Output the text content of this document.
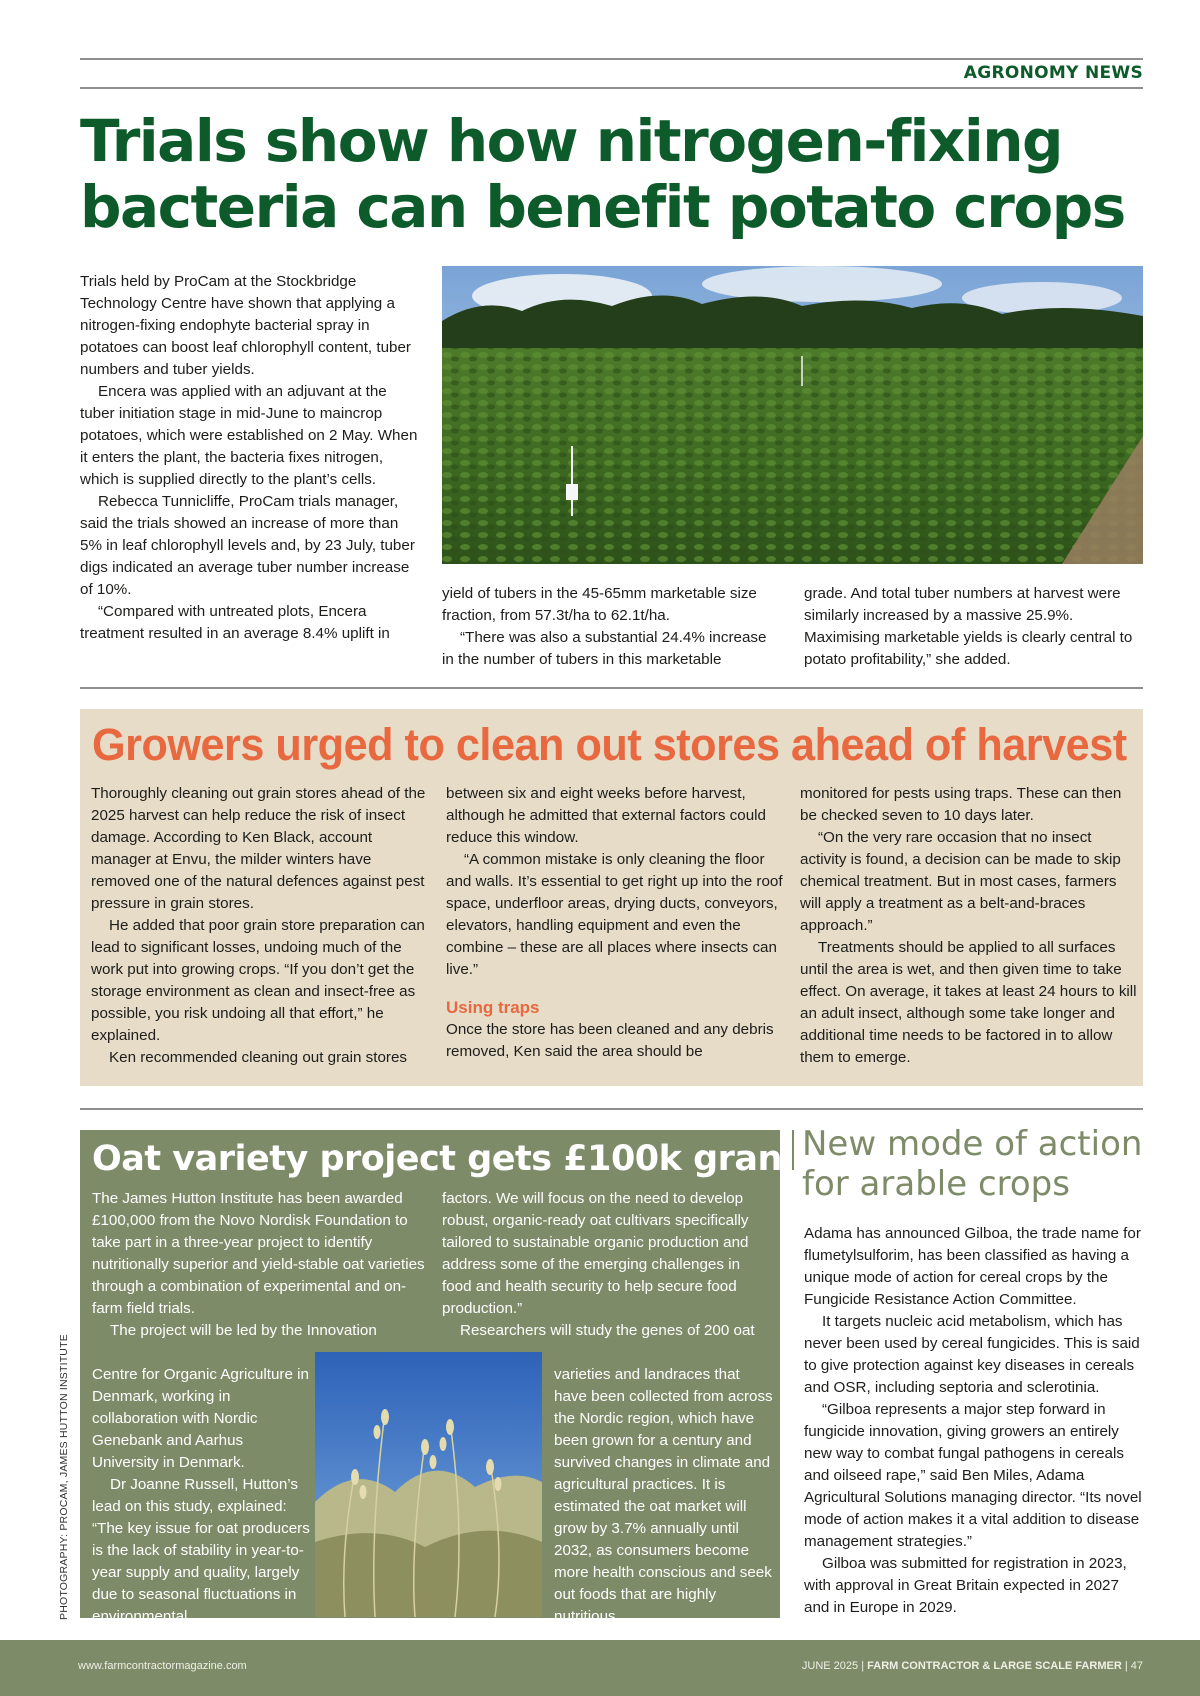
AGRONOMY NEWS
Trials show how nitrogen-fixing bacteria can benefit potato crops

Trials held by ProCam at the Stockbridge Technology Centre have shown that applying a nitrogen-fixing endophyte bacterial spray in potatoes can boost leaf chlorophyll content, tuber numbers and tuber yields.

Encera was applied with an adjuvant at the tuber initiation stage in mid-June to maincrop potatoes, which were established on 2 May. When it enters the plant, the bacteria fixes nitrogen, which is supplied directly to the plant’s cells.

Rebecca Tunnicliffe, ProCam trials manager, said the trials showed an increase of more than 5% in leaf chlorophyll levels and, by 23 July, tuber digs indicated an average tuber number increase of 10%.

“Compared with untreated plots, Encera treatment resulted in an average 8.4% uplift in

yield of tubers in the 45-65mm marketable size fraction, from 57.3t/ha to 62.1t/ha.

“There was also a substantial 24.4% increase in the number of tubers in this marketable

grade. And total tuber numbers at harvest were similarly increased by a massive 25.9%. Maximising marketable yields is clearly central to potato profitability,” she added.

Growers urged to clean out stores ahead of harvest

Thoroughly cleaning out grain stores ahead of the 2025 harvest can help reduce the risk of insect damage. According to Ken Black, account manager at Envu, the milder winters have removed one of the natural defences against pest pressure in grain stores.

He added that poor grain store preparation can lead to significant losses, undoing much of the work put into growing crops. “If you don’t get the storage environment as clean and insect-free as possible, you risk undoing all that effort,” he explained.

Ken recommended cleaning out grain stores

between six and eight weeks before harvest, although he admitted that external factors could reduce this window.

“A common mistake is only cleaning the floor and walls. It’s essential to get right up into the roof space, underfloor areas, drying ducts, conveyors, elevators, handling equipment and even the combine – these are all places where insects can live.”

Using traps

Once the store has been cleaned and any debris removed, Ken said the area should be

monitored for pests using traps. These can then be checked seven to 10 days later.

“On the very rare occasion that no insect activity is found, a decision can be made to skip chemical treatment. But in most cases, farmers will apply a treatment as a belt-and-braces approach.”

Treatments should be applied to all surfaces until the area is wet, and then given time to take effect. On average, it takes at least 24 hours to kill an adult insect, although some take longer and additional time needs to be factored in to allow them to emerge.

Oat variety project gets £100k grant

The James Hutton Institute has been awarded £100,000 from the Novo Nordisk Foundation to take part in a three-year project to identify nutritionally superior and yield-stable oat varieties through a combination of experimental and on-farm field trials.

The project will be led by the Innovation

Centre for Organic Agriculture in Denmark, working in collaboration with Nordic Genebank and Aarhus University in Denmark.

Dr Joanne Russell, Hutton’s lead on this study, explained: “The key issue for oat producers is the lack of stability in year-to-year supply and quality, largely due to seasonal fluctuations in environmental

factors. We will focus on the need to develop robust, organic-ready oat cultivars specifically tailored to sustainable organic production and address some of the emerging challenges in food and health security to help secure food production.”

Researchers will study the genes of 200 oat

varieties and landraces that have been collected from across the Nordic region, which have been grown for a century and survived changes in climate and agricultural practices. It is estimated the oat market will grow by 3.7% annually until 2032, as consumers become more health conscious and seek out foods that are highly nutritious.

New mode of action for arable crops

Adama has announced Gilboa, the trade name for flumetylsulforim, has been classified as having a unique mode of action for cereal crops by the Fungicide Resistance Action Committee.

It targets nucleic acid metabolism, which has never been used by cereal fungicides. This is said to give protection against key diseases in cereals and OSR, including septoria and sclerotinia.

“Gilboa represents a major step forward in fungicide innovation, giving growers an entirely new way to combat fungal pathogens in cereals and oilseed rape,” said Ben Miles, Adama Agricultural Solutions managing director. “Its novel mode of action makes it a vital addition to disease management strategies.”

Gilboa was submitted for registration in 2023, with approval in Great Britain expected in 2027 and in Europe in 2029.

PHOTOGRAPHY: PROCAM, JAMES HUTTON INSTITUTE
www.farmcontractormagazine.com	JUNE 2025 | FARM CONTRACTOR & LARGE SCALE FARMER | 47
